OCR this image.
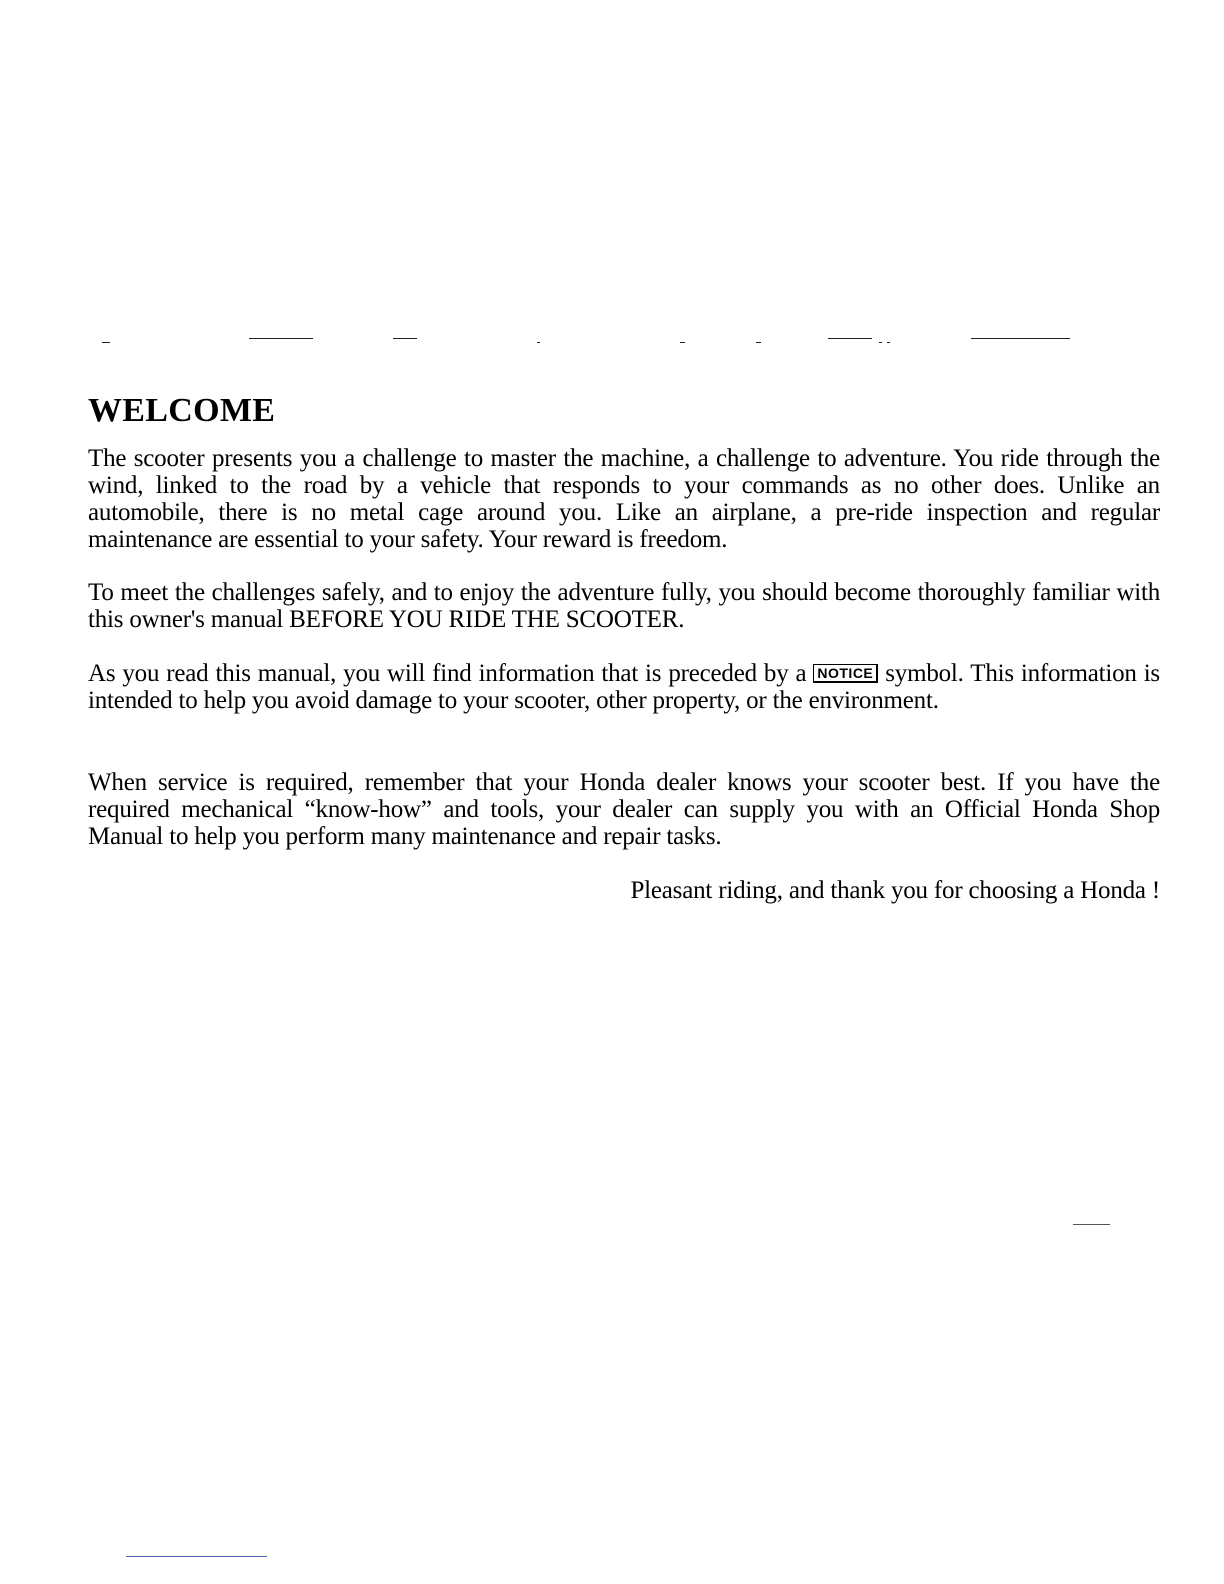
WELCOME

The scooter presents you a challenge to master the machine, a challenge to adventure. You ride through the wind, linked to the road by a vehicle that responds to your commands as no other does. Unlike an automobile, there is no metal cage around you. Like an airplane, a pre-ride inspection and regular maintenance are essential to your safety. Your reward is freedom.

To meet the challenges safely, and to enjoy the adventure fully, you should become thoroughly familiar with this owner's manual BEFORE YOU RIDE THE SCOOTER.

As you read this manual, you will find information that is preceded by a NOTICE symbol. This information is intended to help you avoid damage to your scooter, other property, or the environment.

When service is required, remember that your Honda dealer knows your scooter best. If you have the required mechanical “know-how” and tools, your dealer can supply you with an Official Honda Shop Manual to help you perform many maintenance and repair tasks.

Pleasant riding, and thank you for choosing a Honda !
